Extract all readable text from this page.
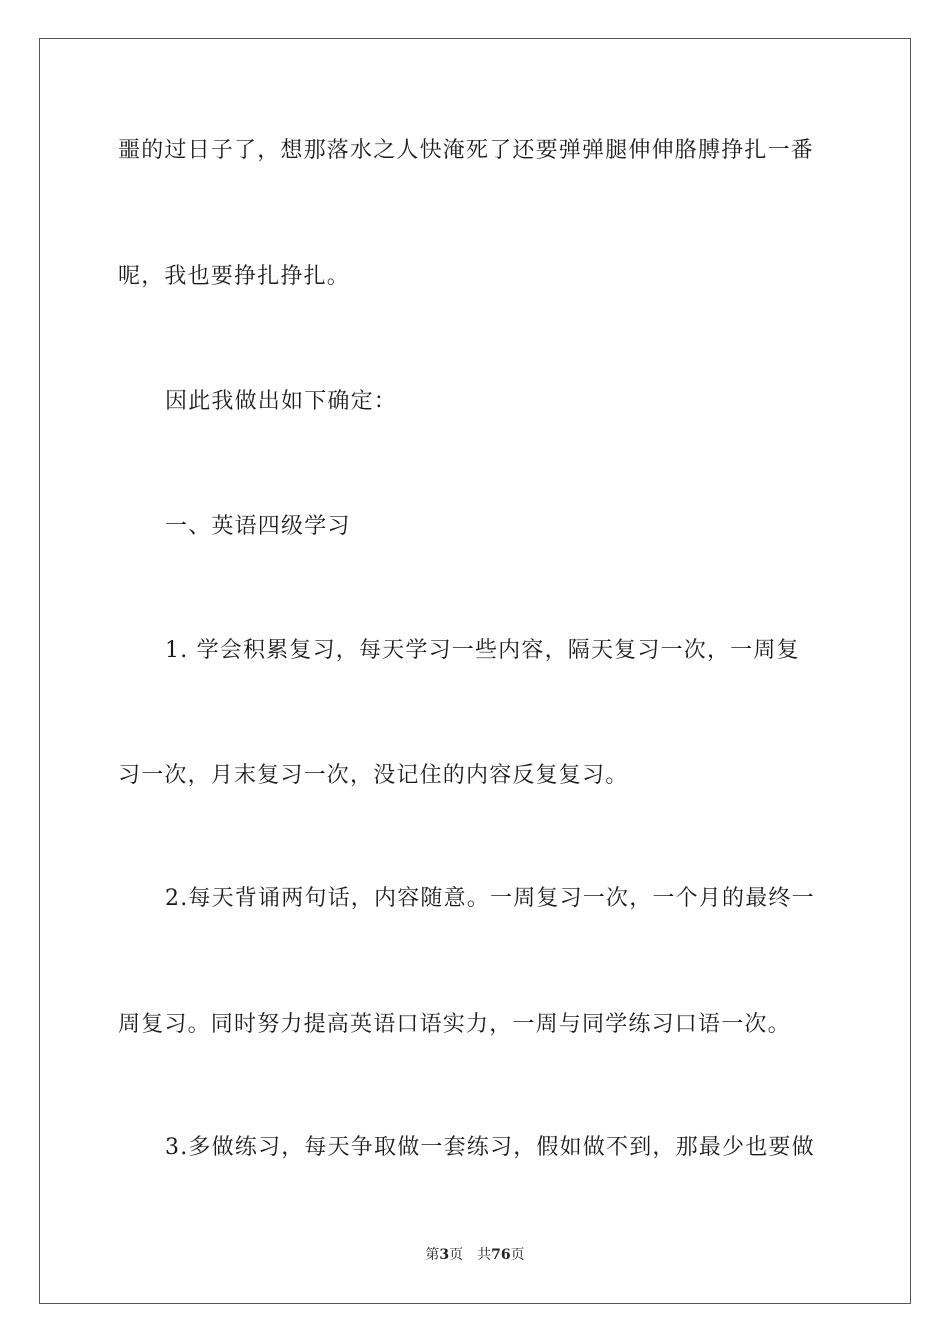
噩的过日子了，想那落水之人快淹死了还要弹弹腿伸伸胳膊挣扎一番
呢，我也要挣扎挣扎。
因此我做出如下确定：
一、英语四级学习
1. 学会积累复习，每天学习一些内容，隔天复习一次，一周复
习一次，月末复习一次，没记住的内容反复复习。
2.每天背诵两句话，内容随意。一周复习一次，一个月的最终一
周复习。同时努力提高英语口语实力，一周与同学练习口语一次。
3.多做练习，每天争取做一套练习，假如做不到，那最少也要做
第3页 共76页
